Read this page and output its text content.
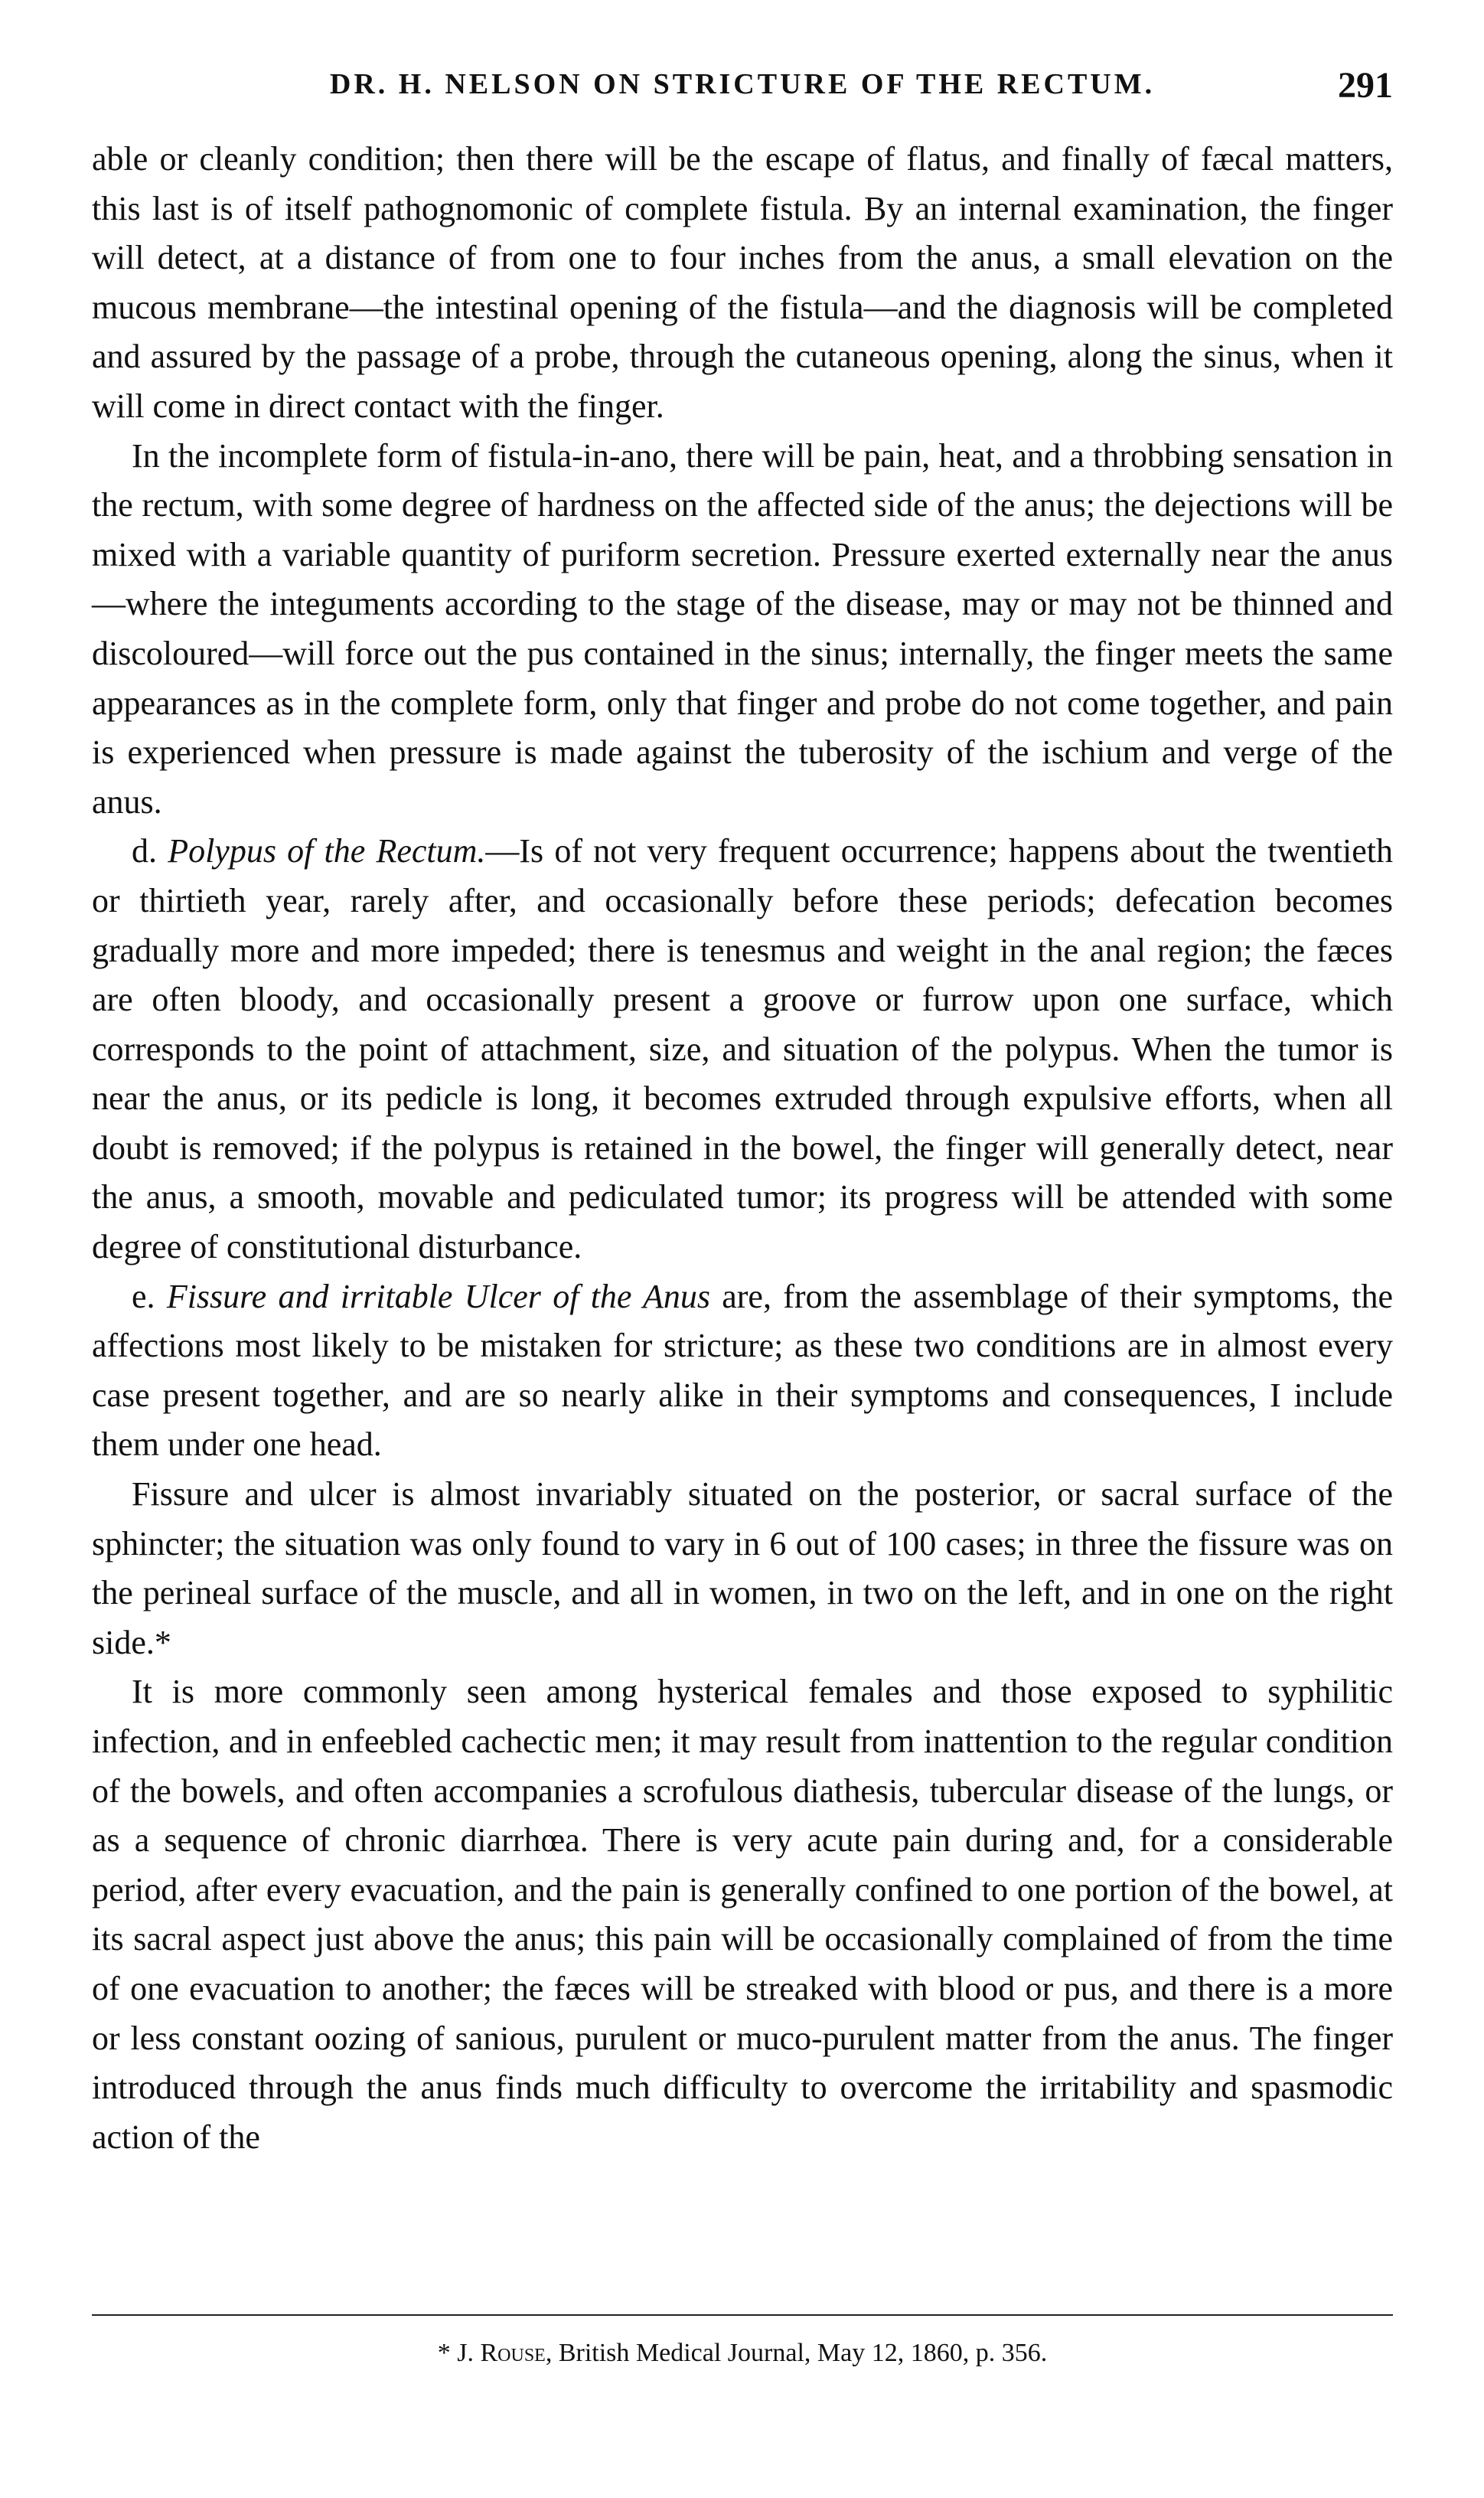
DR. H. NELSON ON STRICTURE OF THE RECTUM.	291

able or cleanly condition; then there will be the escape of flatus, and finally of fæcal matters, this last is of itself pathognomonic of complete fistula. By an internal examination, the finger will detect, at a distance of from one to four inches from the anus, a small elevation on the mucous membrane—the intestinal opening of the fistula—and the diagnosis will be completed and assured by the passage of a probe, through the cutaneous opening, along the sinus, when it will come in direct contact with the finger.

In the incomplete form of fistula-in-ano, there will be pain, heat, and a throbbing sensation in the rectum, with some degree of hardness on the affected side of the anus; the dejections will be mixed with a variable quantity of puriform secretion. Pressure exerted externally near the anus—where the integuments according to the stage of the disease, may or may not be thinned and discoloured—will force out the pus contained in the sinus; internally, the finger meets the same appearances as in the complete form, only that finger and probe do not come together, and pain is experienced when pressure is made against the tuberosity of the ischium and verge of the anus.

d. Polypus of the Rectum.—Is of not very frequent occurrence; happens about the twentieth or thirtieth year, rarely after, and occasionally before these periods; defecation becomes gradually more and more impeded; there is tenesmus and weight in the anal region; the fæces are often bloody, and occasionally present a groove or furrow upon one surface, which corresponds to the point of attachment, size, and situation of the polypus. When the tumor is near the anus, or its pedicle is long, it becomes extruded through expulsive efforts, when all doubt is removed; if the polypus is retained in the bowel, the finger will generally detect, near the anus, a smooth, movable and pediculated tumor; its progress will be attended with some degree of constitutional disturbance.

e. Fissure and irritable Ulcer of the Anus are, from the assemblage of their symptoms, the affections most likely to be mistaken for stricture; as these two conditions are in almost every case present together, and are so nearly alike in their symptoms and consequences, I include them under one head.

Fissure and ulcer is almost invariably situated on the posterior, or sacral surface of the sphincter; the situation was only found to vary in 6 out of 100 cases; in three the fissure was on the perineal surface of the muscle, and all in women, in two on the left, and in one on the right side.*

It is more commonly seen among hysterical females and those exposed to syphilitic infection, and in enfeebled cachectic men; it may result from inattention to the regular condition of the bowels, and often accompanies a scrofulous diathesis, tubercular disease of the lungs, or as a sequence of chronic diarrhœa. There is very acute pain during and, for a considerable period, after every evacuation, and the pain is generally confined to one portion of the bowel, at its sacral aspect just above the anus; this pain will be occasionally complained of from the time of one evacuation to another; the fæces will be streaked with blood or pus, and there is a more or less constant oozing of sanious, purulent or muco-purulent matter from the anus. The finger introduced through the anus finds much difficulty to overcome the irritability and spasmodic action of the

* J. Rouse, British Medical Journal, May 12, 1860, p. 356.
